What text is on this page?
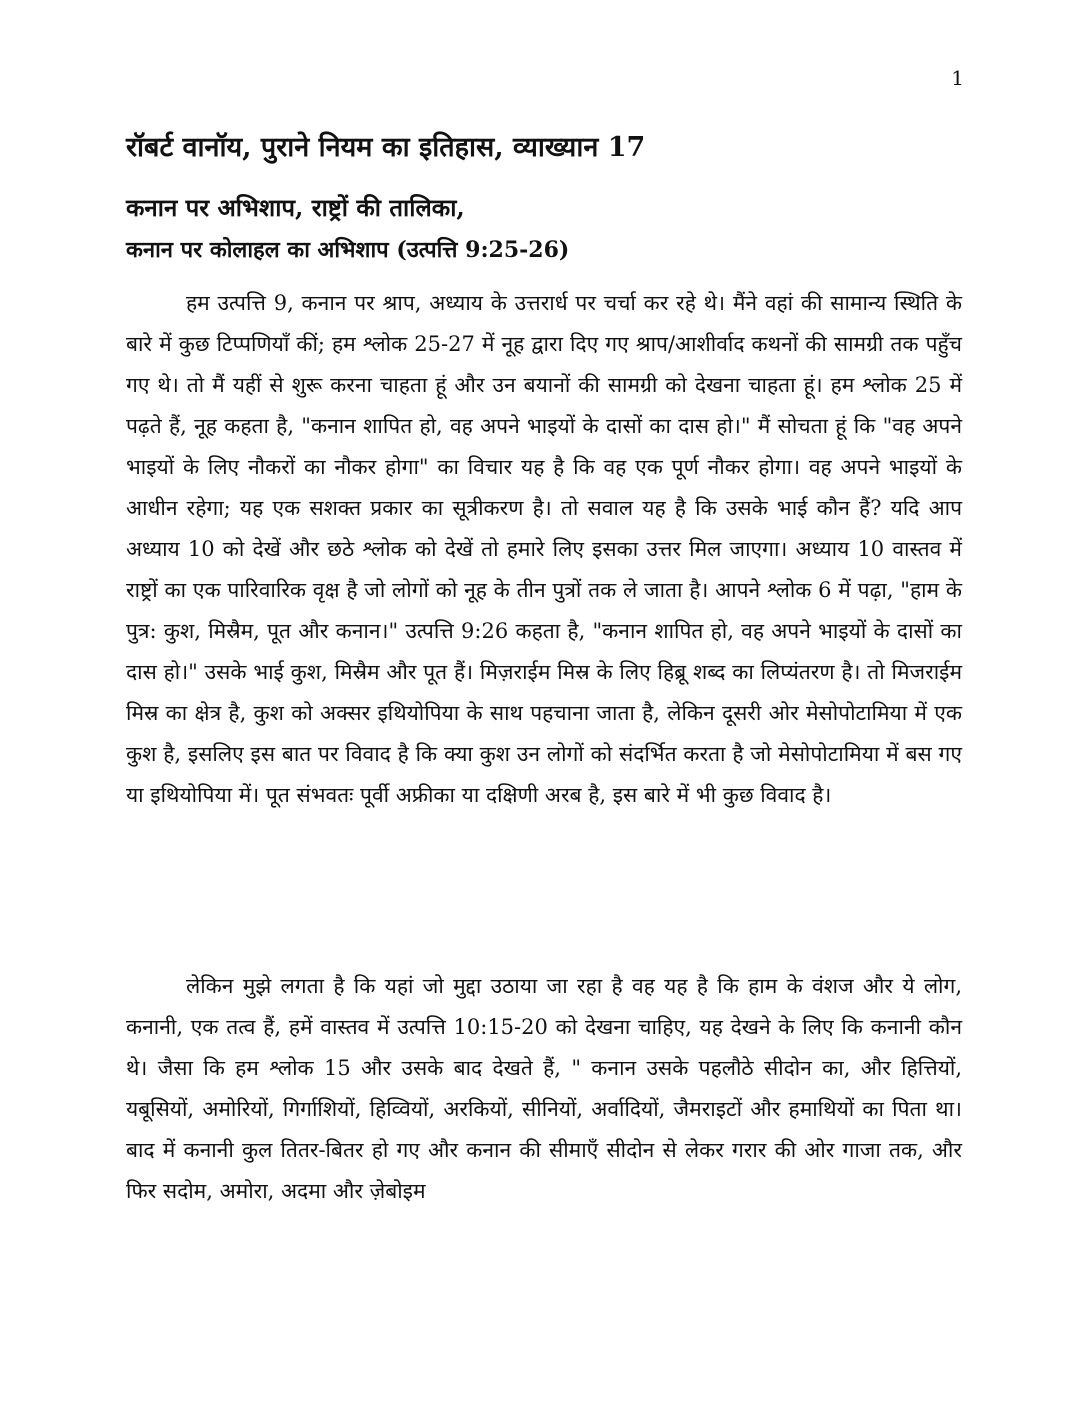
1
रॉबर्ट वानॉय, पुराने नियम का इतिहास, व्याख्यान 17
कनान पर अभिशाप, राष्ट्रों की तालिका,
कनान पर कोलाहल का अभिशाप (उत्पत्ति 9:25-26)

हम उत्पत्ति 9, कनान पर श्राप, अध्याय के उत्तरार्ध पर चर्चा कर रहे थे। मैंने वहां की सामान्य स्थिति के बारे में कुछ टिप्पणियाँ कीं; हम श्लोक 25-27 में नूह द्वारा दिए गए श्राप/आशीर्वाद कथनों की सामग्री तक पहुँच गए थे। तो मैं यहीं से शुरू करना चाहता हूं और उन बयानों की सामग्री को देखना चाहता हूं। हम श्लोक 25 में पढ़ते हैं, नूह कहता है, "कनान शापित हो, वह अपने भाइयों के दासों का दास हो।" मैं सोचता हूं कि "वह अपने भाइयों के लिए नौकरों का नौकर होगा" का विचार यह है कि वह एक पूर्ण नौकर होगा। वह अपने भाइयों के आधीन रहेगा; यह एक सशक्त प्रकार का सूत्रीकरण है। तो सवाल यह है कि उसके भाई कौन हैं? यदि आप अध्याय 10 को देखें और छठे श्लोक को देखें तो हमारे लिए इसका उत्तर मिल जाएगा। अध्याय 10 वास्तव में राष्ट्रों का एक पारिवारिक वृक्ष है जो लोगों को नूह के तीन पुत्रों तक ले जाता है। आपने श्लोक 6 में पढ़ा, "हाम के पुत्र: कुश, मिस्रैम, पूत और कनान।" उत्पत्ति 9:26 कहता है, "कनान शापित हो, वह अपने भाइयों के दासों का दास हो।" उसके भाई कुश, मिस्रैम और पूत हैं। मिज़राईम मिस्र के लिए हिब्रू शब्द का लिप्यंतरण है। तो मिजराईम मिस्र का क्षेत्र है, कुश को अक्सर इथियोपिया के साथ पहचाना जाता है, लेकिन दूसरी ओर मेसोपोटामिया में एक कुश है, इसलिए इस बात पर विवाद है कि क्या कुश उन लोगों को संदर्भित करता है जो मेसोपोटामिया में बस गए या इथियोपिया में। पूत संभवतः पूर्वी अफ्रीका या दक्षिणी अरब है, इस बारे में भी कुछ विवाद है।

लेकिन मुझे लगता है कि यहां जो मुद्दा उठाया जा रहा है वह यह है कि हाम के वंशज और ये लोग, कनानी, एक तत्व हैं, हमें वास्तव में उत्पत्ति 10:15-20 को देखना चाहिए, यह देखने के लिए कि कनानी कौन थे। जैसा कि हम श्लोक 15 और उसके बाद देखते हैं, " कनान उसके पहलौठे सीदोन का, और हित्तियों, यबूसियों, अमोरियों, गिर्गाशियों, हिव्वियों, अरकियों, सीनियों, अर्वादियों, जैमराइटों और हमाथियों का पिता था। बाद में कनानी कुल तितर-बितर हो गए और कनान की सीमाएँ सीदोन से लेकर गरार की ओर गाजा तक, और फिर सदोम, अमोरा, अदमा और ज़ेबोइम
